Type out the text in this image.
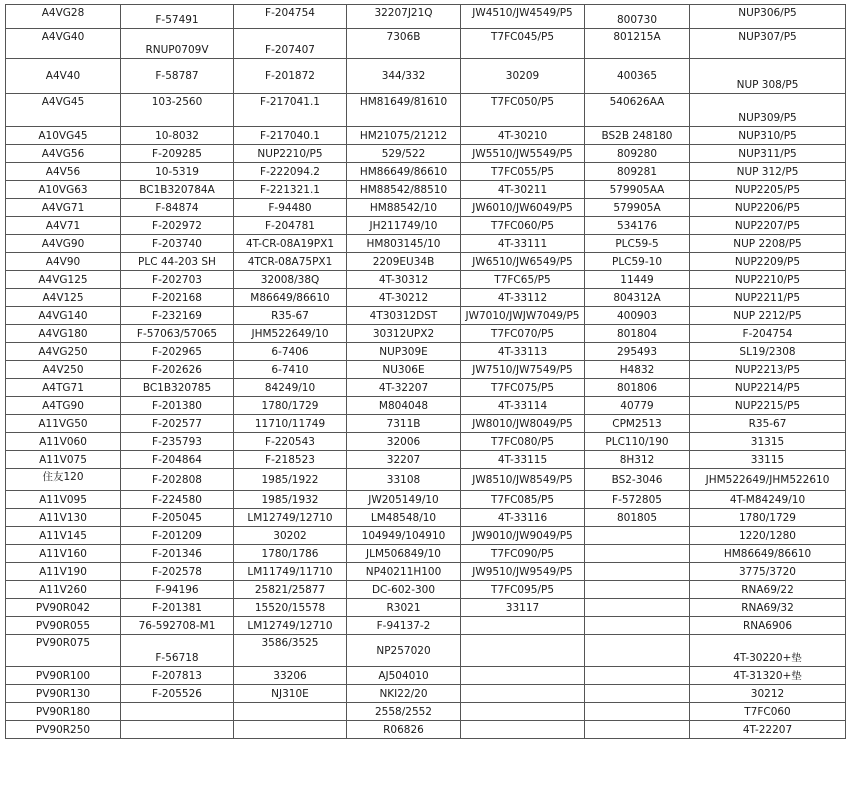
A4VG28	F-57491	F-204754	32207J21Q	JW4510/JW4549/P5	800730	NUP306/P5
A4VG40	RNUP0709V	F-207407	7306B	T7FC045/P5	801215A	NUP307/P5
A4V40	F-58787	F-201872	344/332	30209	400365	NUP 308/P5
A4VG45	103-2560	F-217041.1	HM81649/81610	T7FC050/P5	540626AA	NUP309/P5
A10VG45	10-8032	F-217040.1	HM21075/21212	4T-30210	BS2B 248180	NUP310/P5
A4VG56	F-209285	NUP2210/P5	529/522	JW5510/JW5549/P5	809280	NUP311/P5
A4V56	10-5319	F-222094.2	HM86649/86610	T7FC055/P5	809281	NUP 312/P5
A10VG63	BC1B320784A	F-221321.1	HM88542/88510	4T-30211	579905AA	NUP2205/P5
A4VG71	F-84874	F-94480	HM88542/10	JW6010/JW6049/P5	579905A	NUP2206/P5
A4V71	F-202972	F-204781	JH211749/10	T7FC060/P5	534176	NUP2207/P5
A4VG90	F-203740	4T-CR-08A19PX1	HM803145/10	4T-33111	PLC59-5	NUP 2208/P5
A4V90	PLC 44-203 SH	4TCR-08A75PX1	2209EU34B	JW6510/JW6549/P5	PLC59-10	NUP2209/P5
A4VG125	F-202703	32008/38Q	4T-30312	T7FC65/P5	11449	NUP2210/P5
A4V125	F-202168	M86649/86610	4T-30212	4T-33112	804312A	NUP2211/P5
A4VG140	F-232169	R35-67	4T30312DST	JW7010/JWJW7049/P5	400903	NUP 2212/P5
A4VG180	F-57063/57065	JHM522649/10	30312UPX2	T7FC070/P5	801804	F-204754
A4VG250	F-202965	6-7406	NUP309E	4T-33113	295493	SL19/2308
A4V250	F-202626	6-7410	NU306E	JW7510/JW7549/P5	H4832	NUP2213/P5
A4TG71	BC1B320785	84249/10	4T-32207	T7FC075/P5	801806	NUP2214/P5
A4TG90	F-201380	1780/1729	M804048	4T-33114	40779	NUP2215/P5
A11VG50	F-202577	11710/11749	7311B	JW8010/JW8049/P5	CPM2513	R35-67
A11V060	F-235793	F-220543	32006	T7FC080/P5	PLC110/190	31315
A11V075	F-204864	F-218523	32207	4T-33115	8H312	33115
住友120	F-202808	1985/1922	33108	JW8510/JW8549/P5	BS2-3046	JHM522649/JHM522610
A11V095	F-224580	1985/1932	JW205149/10	T7FC085/P5	F-572805	4T-M84249/10
A11V130	F-205045	LM12749/12710	LM48548/10	4T-33116	801805	1780/1729
A11V145	F-201209	30202	104949/104910	JW9010/JW9049/P5		1220/1280
A11V160	F-201346	1780/1786	JLM506849/10	T7FC090/P5		HM86649/86610
A11V190	F-202578	LM11749/11710	NP40211H100	JW9510/JW9549/P5		3775/3720
A11V260	F-94196	25821/25877	DC-602-300	T7FC095/P5		RNA69/22
PV90R042	F-201381	15520/15578	R3021	33117		RNA69/32
PV90R055	76-592708-M1	LM12749/12710	F-94137-2			RNA6906
PV90R075	F-56718	3586/3525	NP257020			4T-30220+垫
PV90R100	F-207813	33206	AJ504010			4T-31320+垫
PV90R130	F-205526	NJ310E	NKI22/20			30212
PV90R180			2558/2552			T7FC060
PV90R250			R06826			4T-22207
